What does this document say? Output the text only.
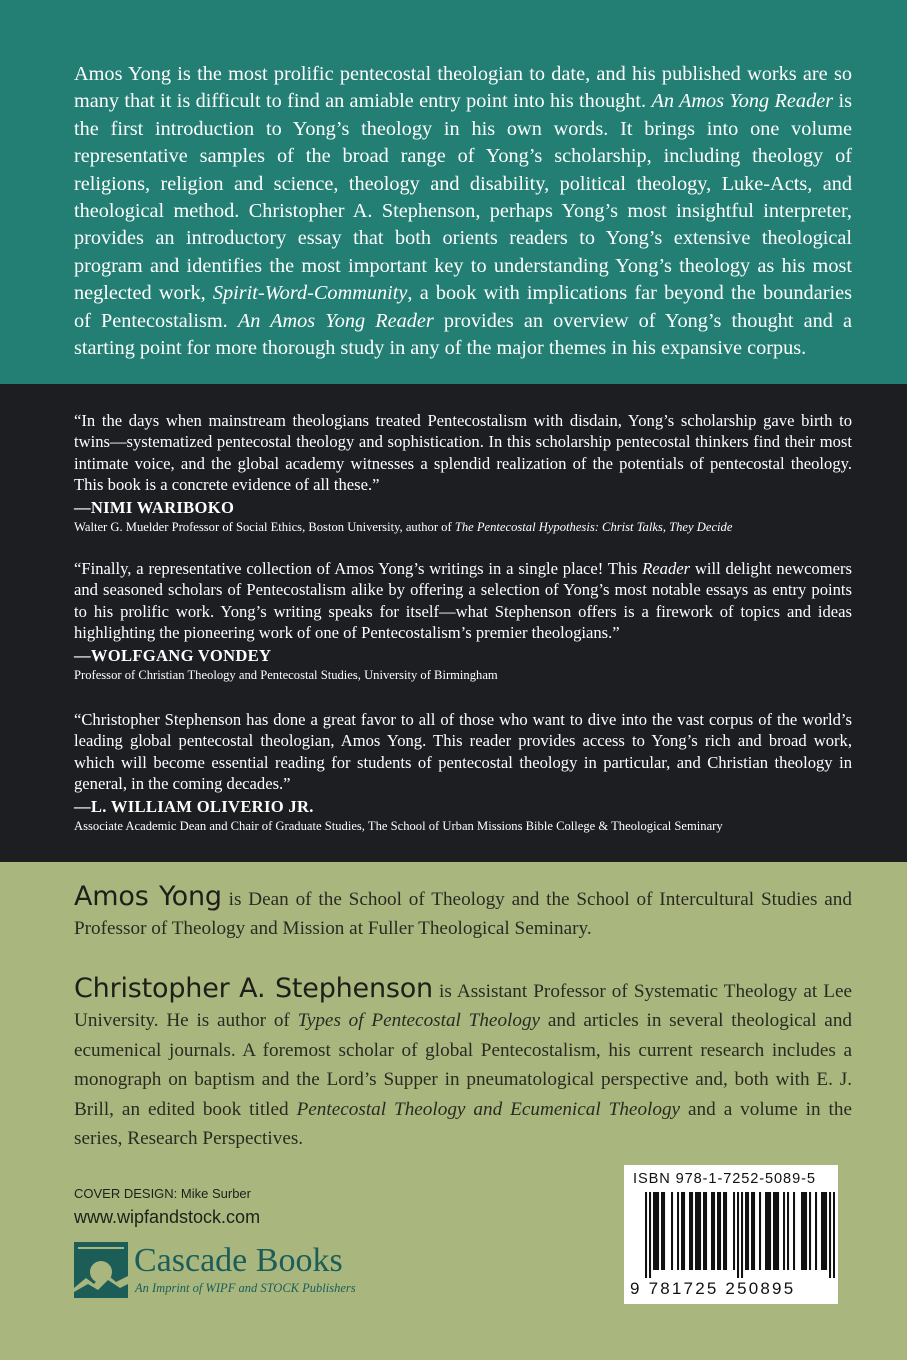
Amos Yong is the most prolific pentecostal theologian to date, and his published works are so many that it is difficult to find an amiable entry point into his thought. An Amos Yong Reader is the first introduction to Yong’s theology in his own words. It brings into one volume representative samples of the broad range of Yong’s scholarship, including theology of religions, religion and science, theology and disability, political theology, Luke-Acts, and theological method. Christopher A. Stephenson, perhaps Yong’s most insightful interpreter, provides an introductory essay that both orients readers to Yong’s extensive theological program and identifies the most important key to understanding Yong’s theology as his most neglected work, Spirit-Word-Community, a book with implications far beyond the boundaries of Pentecostalism. An Amos Yong Reader provides an overview of Yong’s thought and a starting point for more thorough study in any of the major themes in his expansive corpus.

“In the days when mainstream theologians treated Pentecostalism with disdain, Yong’s scholarship gave birth to twins—systematized pentecostal theology and sophistication. In this scholarship pentecostal thinkers find their most intimate voice, and the global academy witnesses a splendid realization of the potentials of pentecostal theology. This book is a concrete evidence of all these.”

—NIMI WARIBOKO
Walter G. Muelder Professor of Social Ethics, Boston University, author of The Pentecostal Hypothesis: Christ Talks, They Decide

“Finally, a representative collection of Amos Yong’s writings in a single place! This Reader will delight newcomers and seasoned scholars of Pentecostalism alike by offering a selection of Yong’s most notable essays as entry points to his prolific work. Yong’s writing speaks for itself—what Stephenson offers is a firework of topics and ideas highlighting the pioneering work of one of Pentecostalism’s premier theologians.”

—WOLFGANG VONDEY
Professor of Christian Theology and Pentecostal Studies, University of Birmingham

“Christopher Stephenson has done a great favor to all of those who want to dive into the vast corpus of the world’s leading global pentecostal theologian, Amos Yong. This reader provides access to Yong’s rich and broad work, which will become essential reading for students of pentecostal theology in particular, and Christian theology in general, in the coming decades.”

—L. WILLIAM OLIVERIO JR.
Associate Academic Dean and Chair of Graduate Studies, The School of Urban Missions Bible College & Theological Seminary

Amos Yong is Dean of the School of Theology and the School of Intercultural Studies and Professor of Theology and Mission at Fuller Theological Seminary.

Christopher A. Stephenson is Assistant Professor of Systematic Theology at Lee University. He is author of Types of Pentecostal Theology and articles in several theological and ecumenical journals. A foremost scholar of global Pentecostalism, his current research includes a monograph on baptism and the Lord’s Supper in pneumatological perspective and, both with E. J. Brill, an edited book titled Pentecostal Theology and Ecumenical Theology and a volume in the series, Research Perspectives.

COVER DESIGN: Mike Surber
www.wipfandstock.com
Cascade Books
An Imprint of WIPF and STOCK Publishers
ISBN 978-1-7252-5089-5
9 781725 250895
